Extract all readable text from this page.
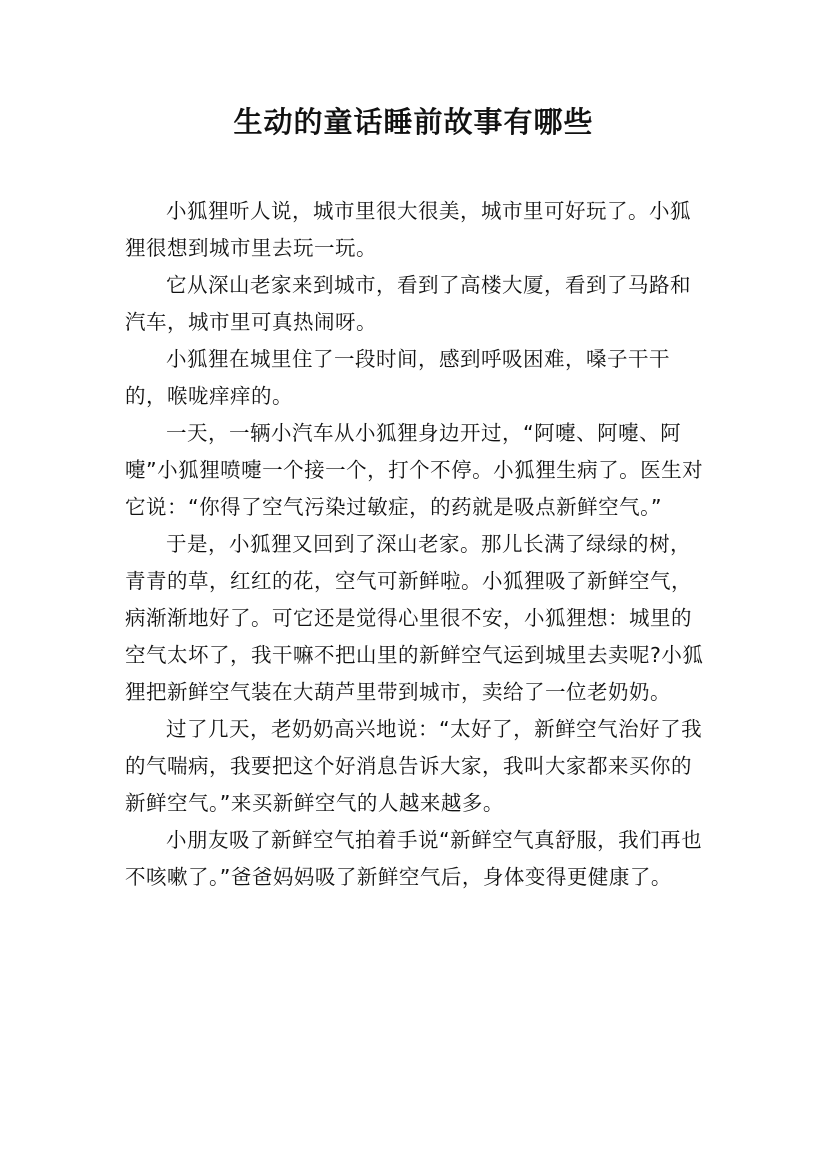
生动的童话睡前故事有哪些

小狐狸听人说，城市里很大很美，城市里可好玩了。小狐狸很想到城市里去玩一玩。

它从深山老家来到城市，看到了高楼大厦，看到了马路和汽车，城市里可真热闹呀。

小狐狸在城里住了一段时间，感到呼吸困难，嗓子干干的，喉咙痒痒的。

一天，一辆小汽车从小狐狸身边开过，“阿嚏、阿嚏、阿嚏”小狐狸喷嚏一个接一个，打个不停。小狐狸生病了。医生对它说：“你得了空气污染过敏症，的药就是吸点新鲜空气。”

于是，小狐狸又回到了深山老家。那儿长满了绿绿的树，青青的草，红红的花，空气可新鲜啦。小狐狸吸了新鲜空气，病渐渐地好了。可它还是觉得心里很不安，小狐狸想：城里的空气太坏了，我干嘛不把山里的新鲜空气运到城里去卖呢?小狐狸把新鲜空气装在大葫芦里带到城市，卖给了一位老奶奶。

过了几天，老奶奶高兴地说：“太好了，新鲜空气治好了我的气喘病，我要把这个好消息告诉大家，我叫大家都来买你的新鲜空气。”来买新鲜空气的人越来越多。

小朋友吸了新鲜空气拍着手说“新鲜空气真舒服，我们再也不咳嗽了。”爸爸妈妈吸了新鲜空气后，身体变得更健康了。
